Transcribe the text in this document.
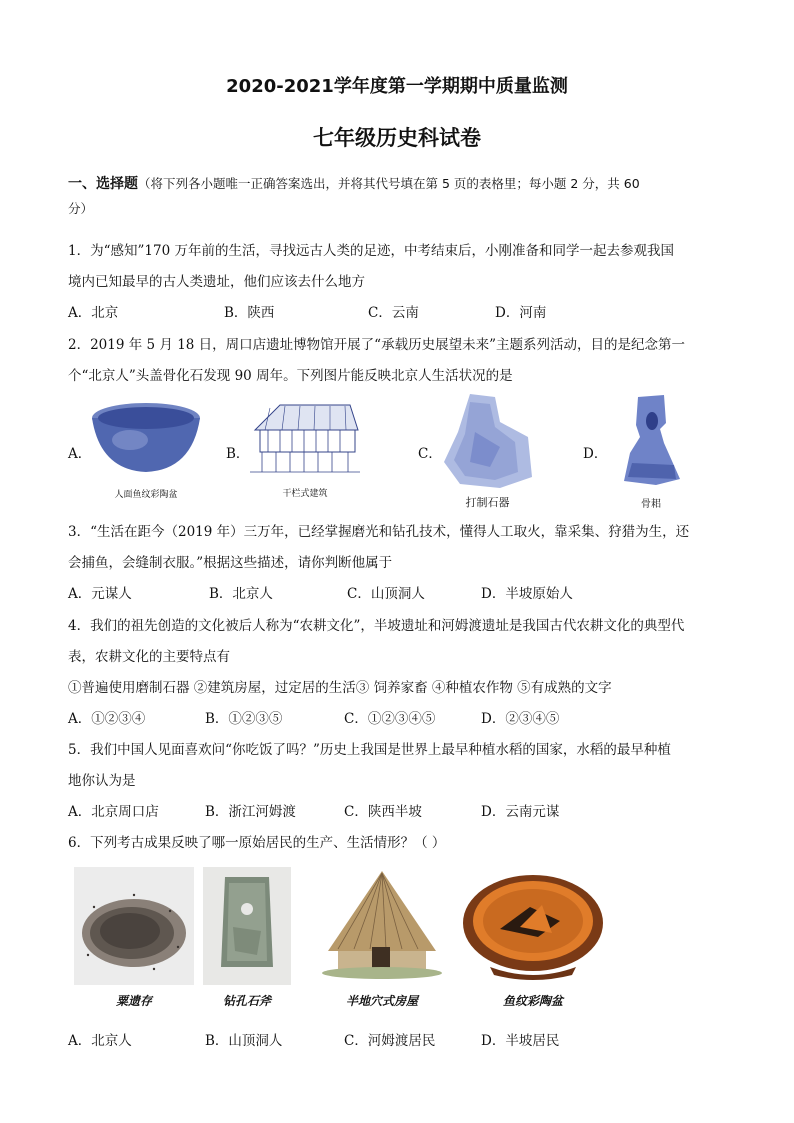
2020-2021学年度第一学期期中质量监测
七年级历史科试卷
一、选择题（将下列各小题唯一正确答案选出，并将其代号填在第 5 页的表格里；每小题 2 分，共 60
分）
1．为“感知”170 万年前的生活，寻找远古人类的足迹，中考结束后，小刚准备和同学一起去参观我国
境内已知最早的古人类遗址，他们应该去什么地方
A．北京	B．陕西	C．云南	D．河南
2．2019 年 5 月 18 日，周口店遗址博物馆开展了“承载历史展望未来”主题系列活动，目的是纪念第一
个“北京人”头盖骨化石发现 90 周年。下列图片能反映北京人生活状况的是
A．
人面鱼纹彩陶盆
B．
干栏式建筑
C．
打制石器
D．
骨耜
3．“生活在距今（2019 年）三万年，已经掌握磨光和钻孔技术，懂得人工取火，靠采集、狩猎为生，还
会捕鱼，会缝制衣服。”根据这些描述，请你判断他属于
A．元谋人	B．北京人	C．山顶洞人	D．半坡原始人
4．我们的祖先创造的文化被后人称为“农耕文化”，半坡遗址和河姆渡遗址是我国古代农耕文化的典型代
表，农耕文化的主要特点有
①普遍使用磨制石器 ②建筑房屋，过定居的生活③ 饲养家畜 ④种植农作物 ⑤有成熟的文字
A．①②③④	B．①②③⑤	C．①②③④⑤	D．②③④⑤
5．我们中国人见面喜欢问“你吃饭了吗？”历史上我国是世界上最早种植水稻的国家，水稻的最早种植
地你认为是
A．北京周口店	B．浙江河姆渡	C．陕西半坡	D．云南元谋
6．下列考古成果反映了哪一原始居民的生产、生活情形？（ ）
粟遗存	钻孔石斧	半地穴式房屋	鱼纹彩陶盆
A．北京人	B．山顶洞人	C．河姆渡居民	D．半坡居民
